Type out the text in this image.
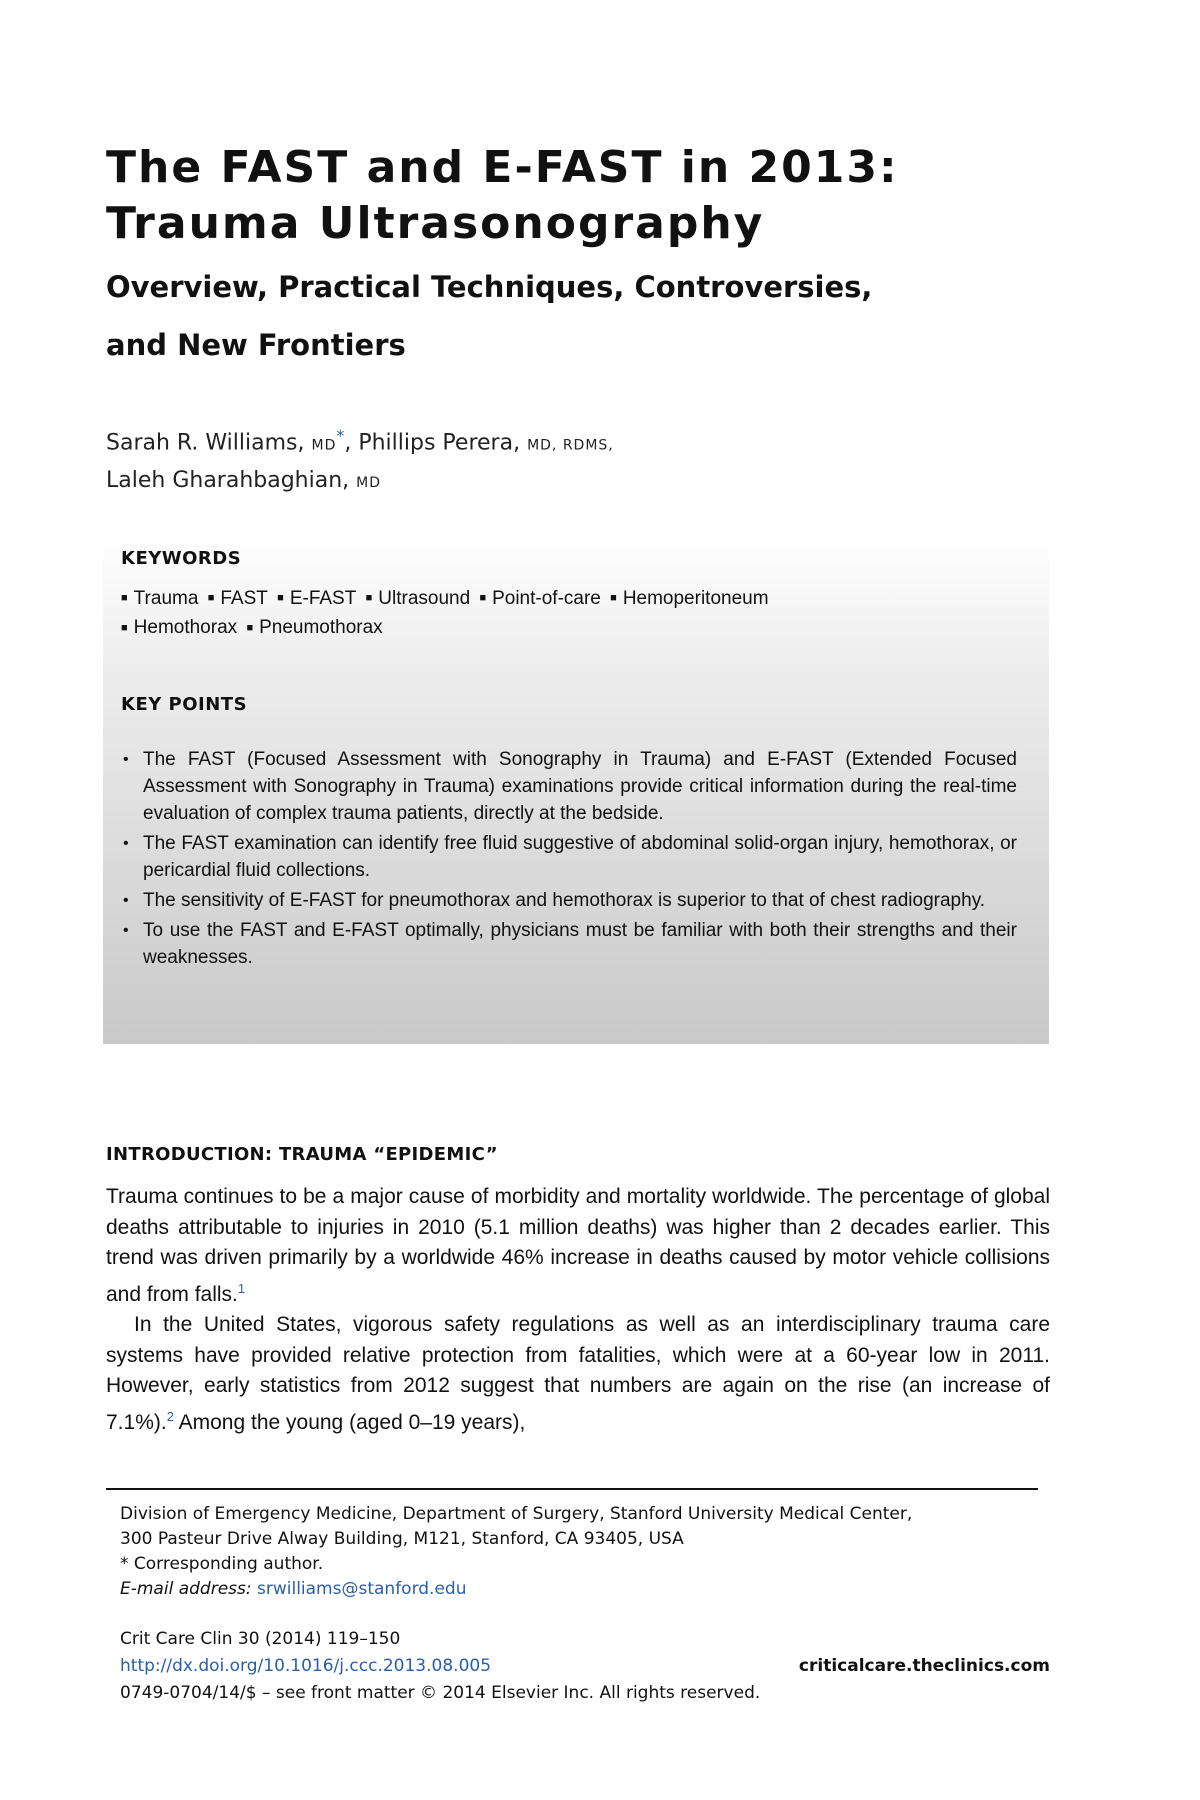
The FAST and E-FAST in 2013:
Trauma Ultrasonography
Overview, Practical Techniques, Controversies,
and New Frontiers
Sarah R. Williams, MD*, Phillips Perera, MD, RDMS,
Laleh Gharahbaghian, MD
KEYWORDS
■ Trauma ■ FAST ■ E-FAST ■ Ultrasound ■ Point-of-care ■ Hemoperitoneum
■ Hemothorax ■ Pneumothorax
KEY POINTS
• The FAST (Focused Assessment with Sonography in Trauma) and E-FAST (Extended Focused Assessment with Sonography in Trauma) examinations provide critical information during the real-time evaluation of complex trauma patients, directly at the bedside.
• The FAST examination can identify free fluid suggestive of abdominal solid-organ injury, hemothorax, or pericardial fluid collections.
• The sensitivity of E-FAST for pneumothorax and hemothorax is superior to that of chest radiography.
• To use the FAST and E-FAST optimally, physicians must be familiar with both their strengths and their weaknesses.
INTRODUCTION: TRAUMA “EPIDEMIC”

Trauma continues to be a major cause of morbidity and mortality worldwide. The percentage of global deaths attributable to injuries in 2010 (5.1 million deaths) was higher than 2 decades earlier. This trend was driven primarily by a worldwide 46% increase in deaths caused by motor vehicle collisions and from falls.$^1$

In the United States, vigorous safety regulations as well as an interdisciplinary trauma care systems have provided relative protection from fatalities, which were at a 60-year low in 2011. However, early statistics from 2012 suggest that numbers are again on the rise (an increase of 7.1%).$^2$ Among the young (aged 0–19 years),

Division of Emergency Medicine, Department of Surgery, Stanford University Medical Center,
300 Pasteur Drive Alway Building, M121, Stanford, CA 93405, USA
* Corresponding author.
E-mail address: srwilliams@stanford.edu
Crit Care Clin 30 (2014) 119–150
http://dx.doi.org/10.1016/j.ccc.2013.08.005
0749-0704/14/$ – see front matter © 2014 Elsevier Inc. All rights reserved.
criticalcare.theclinics.com
